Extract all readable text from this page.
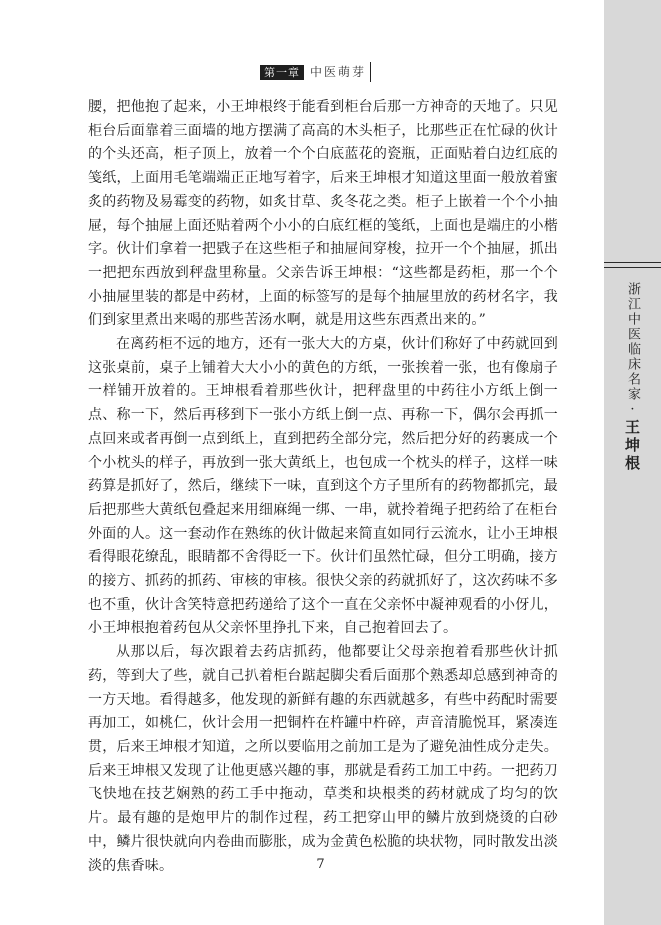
第一章 中医萌芽

腰，把他抱了起来，小王坤根终于能看到柜台后那一方神奇的天地了。只见柜台后面靠着三面墙的地方摆满了高高的木头柜子，比那些正在忙碌的伙计的个头还高，柜子顶上，放着一个个白底蓝花的瓷瓶，正面贴着白边红底的笺纸，上面用毛笔端端正正地写着字，后来王坤根才知道这里面一般放着蜜炙的药物及易霉变的药物，如炙甘草、炙冬花之类。柜子上嵌着一个个小抽屉，每个抽屉上面还贴着两个小小的白底红框的笺纸，上面也是端庄的小楷字。伙计们拿着一把戥子在这些柜子和抽屉间穿梭，拉开一个个抽屉，抓出一把把东西放到秤盘里称量。父亲告诉王坤根：“这些都是药柜，那一个个小抽屉里装的都是中药材，上面的标签写的是每个抽屉里放的药材名字，我们到家里煮出来喝的那些苦汤水啊，就是用这些东西煮出来的。”

在离药柜不远的地方，还有一张大大的方桌，伙计们称好了中药就回到这张桌前，桌子上铺着大大小小的黄色的方纸，一张挨着一张，也有像扇子一样铺开放着的。王坤根看着那些伙计，把秤盘里的中药往小方纸上倒一点、称一下，然后再移到下一张小方纸上倒一点、再称一下，偶尔会再抓一点回来或者再倒一点到纸上，直到把药全部分完，然后把分好的药裹成一个个小枕头的样子，再放到一张大黄纸上，也包成一个枕头的样子，这样一味药算是抓好了，然后，继续下一味，直到这个方子里所有的药物都抓完，最后把那些大黄纸包叠起来用细麻绳一绑、一串，就拎着绳子把药给了在柜台外面的人。这一套动作在熟练的伙计做起来简直如同行云流水，让小王坤根看得眼花缭乱，眼睛都不舍得眨一下。伙计们虽然忙碌，但分工明确，接方的接方、抓药的抓药、审核的审核。很快父亲的药就抓好了，这次药味不多也不重，伙计含笑特意把药递给了这个一直在父亲怀中凝神观看的小伢儿，小王坤根抱着药包从父亲怀里挣扎下来，自己抱着回去了。

从那以后，每次跟着去药店抓药，他都要让父母亲抱着看那些伙计抓药，等到大了些，就自己扒着柜台踮起脚尖看后面那个熟悉却总感到神奇的一方天地。看得越多，他发现的新鲜有趣的东西就越多，有些中药配时需要再加工，如桃仁，伙计会用一把铜杵在杵罐中杵碎，声音清脆悦耳，紧凑连贯，后来王坤根才知道，之所以要临用之前加工是为了避免油性成分走失。后来王坤根又发现了让他更感兴趣的事，那就是看药工加工中药。一把药刀飞快地在技艺娴熟的药工手中拖动，草类和块根类的药材就成了均匀的饮片。最有趣的是炮甲片的制作过程，药工把穿山甲的鳞片放到烧烫的白砂中，鳞片很快就向内卷曲而膨胀，成为金黄色松脆的块状物，同时散发出淡淡的焦香味。	7
浙江中医临床名家·王坤根
